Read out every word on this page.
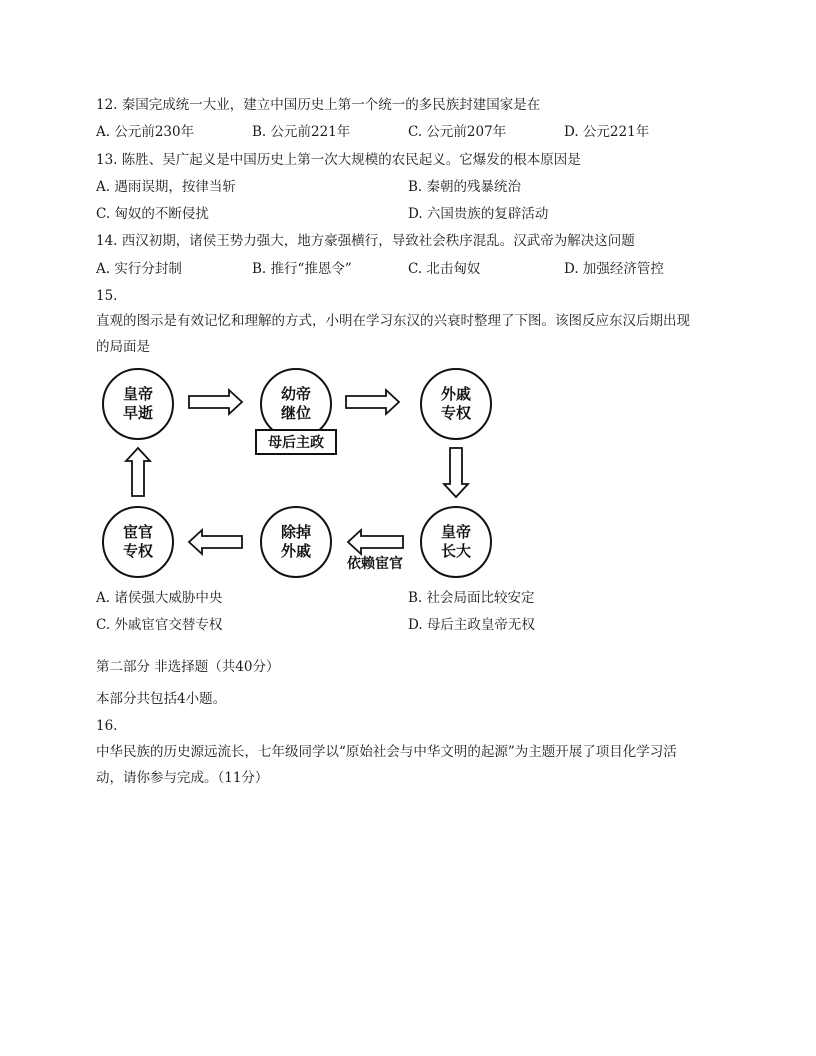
12. 秦国完成统一大业，建立中国历史上第一个统一的多民族封建国家是在
A. 公元前230年	B. 公元前221年	C. 公元前207年	D. 公元221年
13. 陈胜、吴广起义是中国历史上第一次大规模的农民起义。它爆发的根本原因是
A. 遇雨误期，按律当斩	B. 秦朝的残暴统治
C. 匈奴的不断侵扰	D. 六国贵族的复辟活动
14. 西汉初期，诸侯王势力强大，地方豪强横行，导致社会秩序混乱。汉武帝为解决这问题
A. 实行分封制	B. 推行“推恩令”	C. 北击匈奴	D. 加强经济管控
15.
直观的图示是有效记忆和理解的方式，小明在学习东汉的兴衰时整理了下图。该图反应东汉后期出现
的局面是
皇帝
早逝
幼帝
继位
外戚
专权
皇帝
长大
除掉
外戚
宦官
专权
母后主政
依赖宦官
A. 诸侯强大威胁中央	B. 社会局面比较安定
C. 外戚宦官交替专权	D. 母后主政皇帝无权
第二部分 非选择题（共40分）
本部分共包括4小题。
16.
中华民族的历史源远流长，七年级同学以“原始社会与中华文明的起源”为主题开展了项目化学习活
动，请你参与完成。（11分）
